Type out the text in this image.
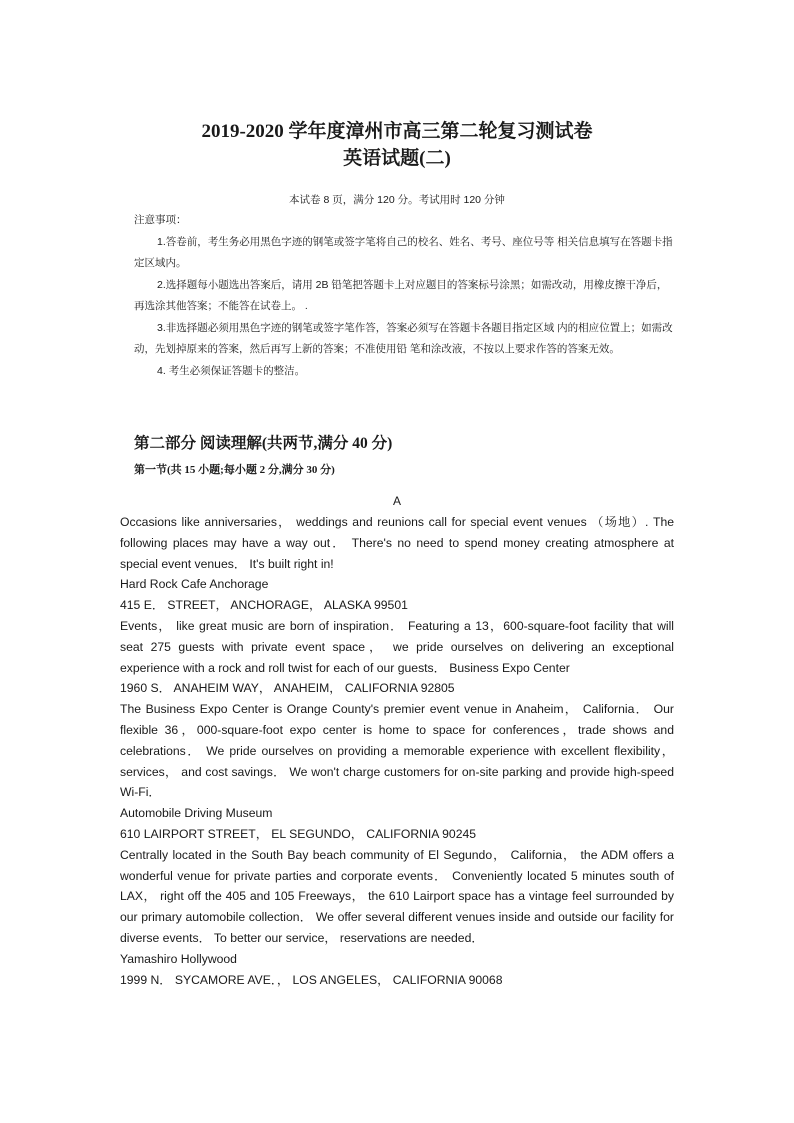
2019-2020 学年度漳州市高三第二轮复习测试卷
英语试题(二)
本试卷 8 页，满分 120 分。考试用时 120 分钟

注意事项：

1.答卷前，考生务必用黑色字迹的钢笔或签字笔将自己的校名、姓名、考号、座位号等 相关信息填写在答题卡指定区域内。

2.选择题每小题选出答案后，请用 2B 铅笔把答题卡上对应题目的答案标号涂黑；如需改动，用橡皮擦干净后，再选涂其他答案；不能答在试卷上。 .

3.非选择题必须用黑色字迹的钢笔或签字笔作答，答案必须写在答题卡各题目指定区域 内的相应位置上；如需改动，先划掉原来的答案，然后再写上新的答案；不准使用铅 笔和涂改液，不按以上要求作答的答案无效。

4. 考生必须保证答题卡的整洁。

第二部分 阅读理解(共两节,满分 40 分)
第一节(共 15 小题;每小题 2 分,满分 30 分)
A

Occasions like anniversaries， weddings and reunions call for special event venues （场地）. The following places may have a way out． There's no need to spend money creating atmosphere at special event venues． It's built right in!

Hard Rock Cafe Anchorage

415 E． STREET， ANCHORAGE， ALASKA 99501

Events， like great music are born of inspiration． Featuring a 13，600-square-foot facility that will seat 275 guests with private event space， we pride ourselves on delivering an exceptional experience with a rock and roll twist for each of our guests． Business Expo Center

1960 S． ANAHEIM WAY， ANAHEIM， CALIFORNIA 92805

The Business Expo Center is Orange County's premier event venue in Anaheim， California． Our flexible 36，000-square-foot expo center is home to space for conferences，trade shows and celebrations． We pride ourselves on providing a memorable experience with excellent flexibility， services， and cost savings． We won't charge customers for on-site parking and provide high-speed Wi-Fi．

Automobile Driving Museum

610 LAIRPORT STREET， EL SEGUNDO， CALIFORNIA 90245

Centrally located in the South Bay beach community of El Segundo， California， the ADM offers a wonderful venue for private parties and corporate events． Conveniently located 5 minutes south of LAX， right off the 405 and 105 Freeways， the 610 Lairport space has a vintage feel surrounded by our primary automobile collection． We offer several different venues inside and outside our facility for diverse events． To better our service， reservations are needed．

Yamashiro Hollywood

1999 N． SYCAMORE AVE．， LOS ANGELES， CALIFORNIA 90068
